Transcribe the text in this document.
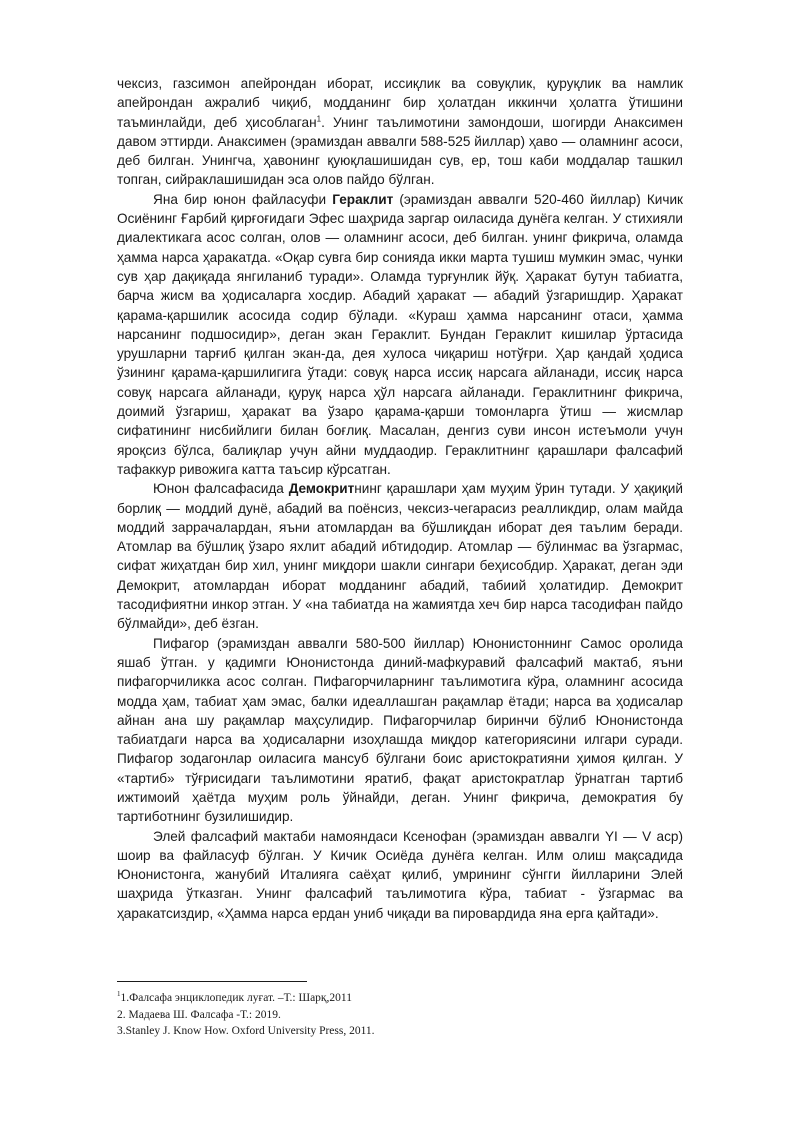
чексиз, газсимон апейрондан иборат, иссиқлик ва совуқлик, қуруқлик ва намлик апейрондан ажралиб чиқиб, модданинг бир ҳолатдан иккинчи ҳолатга ўтишини таъминлайди, деб ҳисоблаган$^1$. Унинг таълимотини замондоши, шогирди Анаксимен давом эттирди. Анаксимен (эрамиздан аввалги 588-525 йиллар) ҳаво — оламнинг асоси, деб билган. Унингча, ҳавонинг қуюқлашишидан сув, ер, тош каби моддалар ташкил топган, сийраклашишидан эса олов пайдо бўлган.

Яна бир юнон файласуфи Гераклит (эрамиздан аввалги 520-460 йиллар) Кичик Осиёнинг Ғарбий қирғоғидаги Эфес шаҳрида заргар оиласида дунёга келган. У стихияли диалектикага асос солган, олов — оламнинг асоси, деб билган. унинг фикрича, оламда ҳамма нарса ҳаракатда. «Оқар сувга бир сонияда икки марта тушиш мумкин эмас, чунки сув ҳар дақиқада янгиланиб туради». Оламда турғунлик йўқ. Ҳаракат бутун табиатга, барча жисм ва ҳодисаларга хосдир. Абадий ҳаракат — абадий ўзгаришдир. Ҳаракат қарама-қаршилик асосида содир бўлади. «Кураш ҳамма нарсанинг отаси, ҳамма нарсанинг подшосидир», деган экан Гераклит. Бундан Гераклит кишилар ўртасида урушларни тарғиб қилган экан-да, дея хулоса чиқариш нотўғри. Ҳар қандай ҳодиса ўзининг қарама-қаршилигига ўтади: совуқ нарса иссиқ нарсага айланади, иссиқ нарса совуқ нарсага айланади, қуруқ нарса ҳўл нарсага айланади. Гераклитнинг фикрича, доимий ўзгариш, ҳаракат ва ўзаро қарама-қарши томонларга ўтиш — жисмлар сифатининг нисбийлиги билан боғлиқ. Масалан, денгиз суви инсон истеъмоли учун яроқсиз бўлса, балиқлар учун айни муддаодир. Гераклитнинг қарашлари фалсафий тафаккур ривожига катта таъсир кўрсатган.

Юнон фалсафасида Демокритнинг қарашлари ҳам муҳим ўрин тутади. У ҳақиқий борлиқ — моддий дунё, абадий ва поёнсиз, чексиз-чегарасиз реалликдир, олам майда моддий заррачалардан, яъни атомлардан ва бўшлиқдан иборат дея таълим беради. Атомлар ва бўшлиқ ўзаро яхлит абадий ибтидодир. Атомлар — бўлинмас ва ўзгармас, сифат жиҳатдан бир хил, унинг миқдори шакли сингари беҳисобдир. Ҳаракат, деган эди Демокрит, атомлардан иборат модданинг абадий, табиий ҳолатидир. Демокрит тасодифиятни инкор этган. У «на табиатда на жамиятда хеч бир нарса тасодифан пайдо бўлмайди», деб ёзган.

Пифагор (эрамиздан аввалги 580-500 йиллар) Юнонистоннинг Самос оролида яшаб ўтган. у қадимги Юнонистонда диний-мафкуравий фалсафий мактаб, яъни пифагорчиликка асос солган. Пифагорчиларнинг таълимотига кўра, оламнинг асосида модда ҳам, табиат ҳам эмас, балки идеаллашган рақамлар ётади; нарса ва ҳодисалар айнан ана шу рақамлар маҳсулидир. Пифагорчилар биринчи бўлиб Юнонистонда табиатдаги нарса ва ҳодисаларни изоҳлашда миқдор категориясини илгари суради. Пифагор зодагонлар оиласига мансуб бўлгани боис аристократияни ҳимоя қилган. У «тартиб» тўғрисидаги таълимотини яратиб, фақат аристократлар ўрнатган тартиб ижтимоий ҳаётда муҳим роль ўйнайди, деган. Унинг фикрича, демократия бу тартиботнинг бузилишидир.

Элей фалсафий мактаби намояндаси Ксенофан (эрамиздан аввалги YI — V аср) шоир ва файласуф бўлган. У Кичик Осиёда дунёга келган. Илм олиш мақсадида Юнонистонга, жанубий Италияга саёҳат қилиб, умрининг сўнгги йилларини Элей шаҳрида ўтказган. Унинг фалсафий таълимотига кўра, табиат - ўзгармас ва ҳаракатсиздир, «Ҳамма нарса ердан униб чиқади ва пировардида яна ерга қайтади».

$^1$1.Фалсафа энциклопедик луғат. –Т.: Шарқ,2011
2. Мадаева Ш. Фалсафа -Т.: 2019.
3.Stanley J. Know How. Oxford University Press, 2011.
